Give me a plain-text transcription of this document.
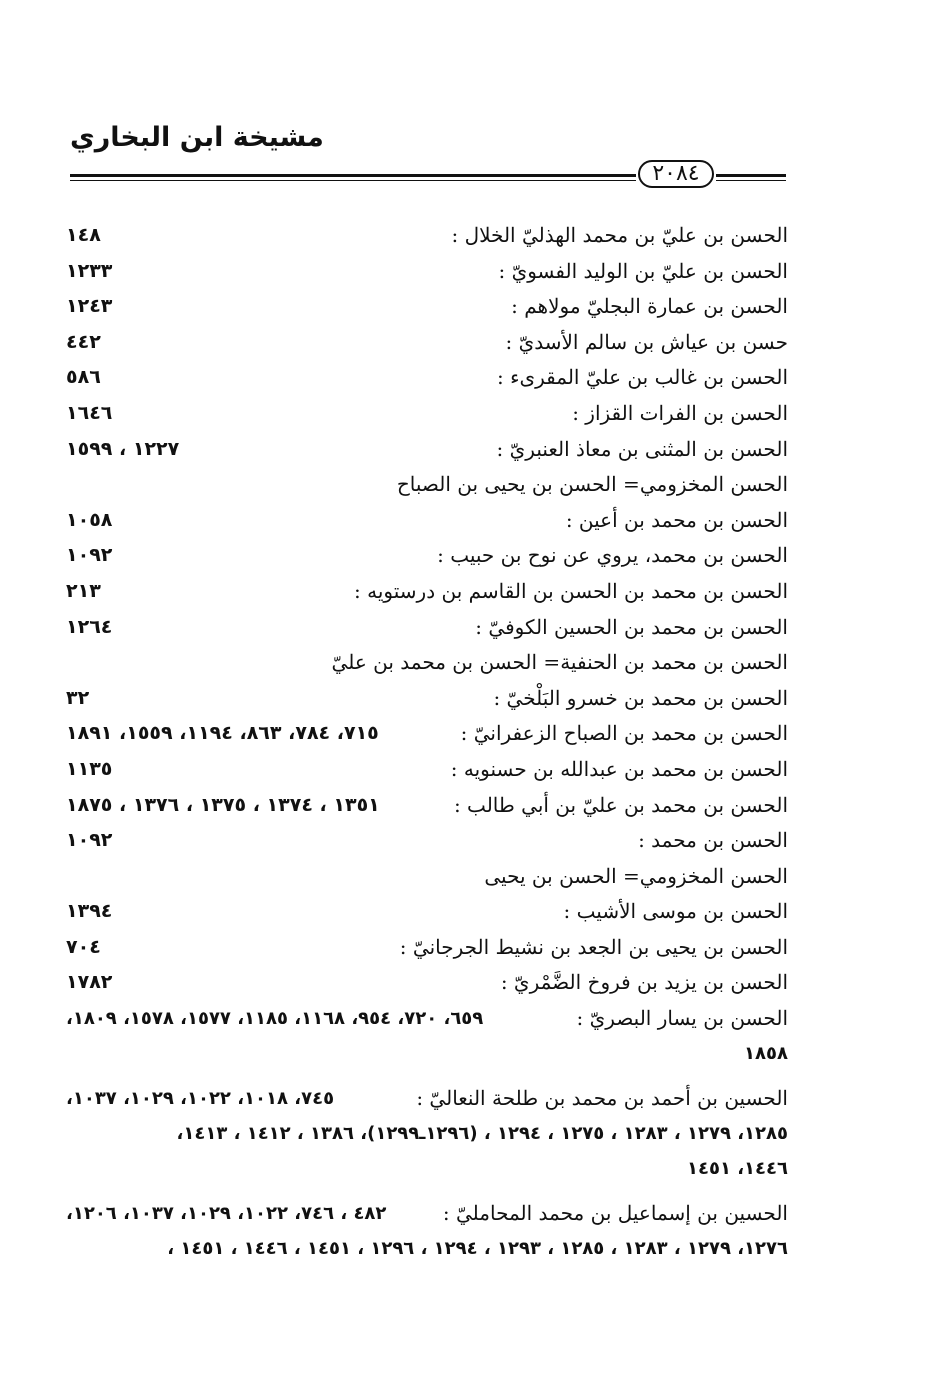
مشيخة ابن البخاري
٢٠٨٤
الحسن بن عليّ بن محمد الهذليّ الخلال :
١٤٨
الحسن بن عليّ بن الوليد الفسويّ :
١٢٣٣
الحسن بن عمارة البجليّ مولاهم :
١٢٤٣
حسن بن عياش بن سالم الأسديّ :
٤٤٢
الحسن بن غالب بن عليّ المقرىء :
٥٨٦
الحسن بن الفرات القزاز :
١٦٤٦
الحسن بن المثنى بن معاذ العنبريّ :
١٢٢٧ ، ١٥٩٩
الحسن المخزومي= الحسن بن يحيى بن الصباح
الحسن بن محمد بن أعين :
١٠٥٨
الحسن بن محمد، يروي عن نوح بن حبيب :
١٠٩٢
الحسن بن محمد بن الحسن بن القاسم بن درستويه :
٢١٣
الحسن بن محمد بن الحسين الكوفيّ :
١٢٦٤
الحسن بن محمد بن الحنفية= الحسن بن محمد بن عليّ
الحسن بن محمد بن خسرو البَلْخيّ :
٣٢
الحسن بن محمد بن الصباح الزعفرانيّ :
٧١٥، ٧٨٤، ٨٦٣، ١١٩٤، ١٥٥٩، ١٨٩١
الحسن بن محمد بن عبدالله بن حسنويه :
١١٣٥
الحسن بن محمد بن عليّ بن أبي طالب :
١٣٥١ ، ١٣٧٤ ، ١٣٧٥ ، ١٣٧٦ ، ١٨٧٥
الحسن بن محمد :
١٠٩٢
الحسن المخزومي= الحسن بن يحيى
الحسن بن موسى الأشيب :
١٣٩٤
الحسن بن يحيى بن الجعد بن نشيط الجرجانيّ :
٧٠٤
الحسن بن يزيد بن فروخ الضَّمْريّ :
١٧٨٢
الحسن بن يسار البصريّ :
٦٥٩، ٧٢٠، ٩٥٤، ١١٦٨، ١١٨٥، ١٥٧٧، ١٥٧٨، ١٨٠٩،
١٨٥٨
الحسين بن أحمد بن محمد بن طلحة النعاليّ :
٧٤٥، ١٠١٨، ١٠٢٢، ١٠٢٩، ١٠٣٧،
١٢٨٥، ١٢٧٩ ، ١٢٨٣ ، ١٢٧٥ ، ١٢٩٤ ، (١٢٩٦ـ١٢٩٩)، ١٣٨٦ ، ١٤١٢ ، ١٤١٣،
١٤٤٦، ١٤٥١
الحسين بن إسماعيل بن محمد المحامليّ :
٤٨٢ ، ٧٤٦، ١٠٢٢، ١٠٢٩، ١٠٣٧، ١٢٠٦،
١٢٧٦، ١٢٧٩ ، ١٢٨٣ ، ١٢٨٥ ، ١٢٩٣ ، ١٢٩٤ ، ١٢٩٦ ، ١٤٥١ ، ١٤٤٦ ، ١٤٥١ ،
